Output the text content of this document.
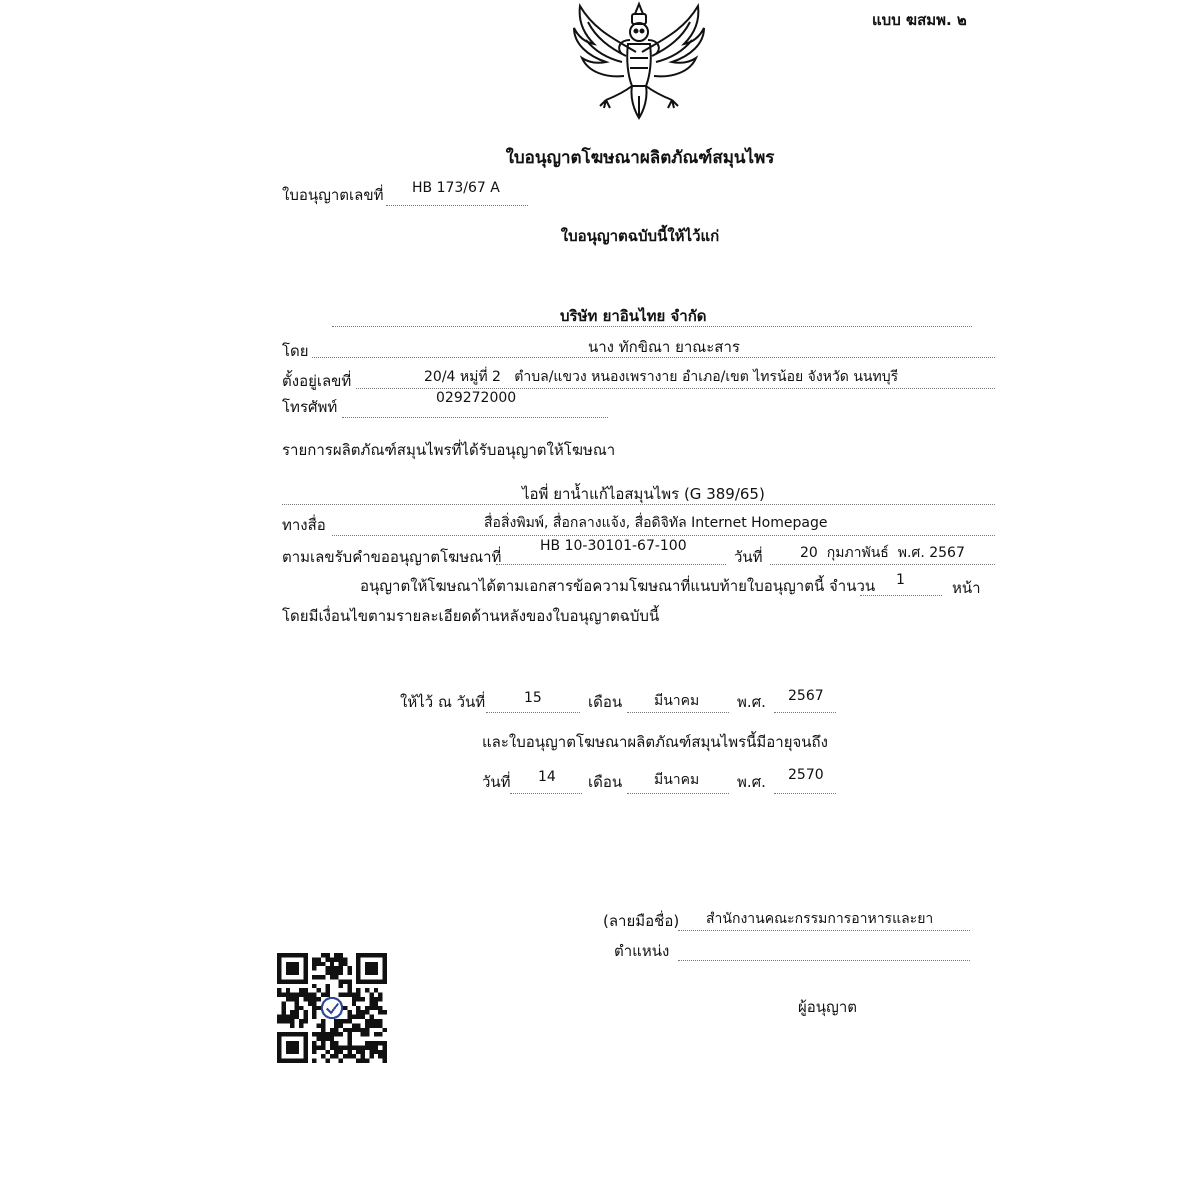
แบบ ฆสมพ. ๒
ใบอนุญาตโฆษณาผลิตภัณฑ์สมุนไพร
ใบอนุญาตเลขที่ HB 173/67 A
ใบอนุญาตฉบับนี้ให้ไว้แก่
บริษัท ยาอินไทย จำกัด
โดย	นาง ทักขิณา ยาณะสาร
ตั้งอยู่เลขที่	20/4 หมู่ที่ 2   ตำบล/แขวง หนองเพรางาย อำเภอ/เขต ไทรน้อย จังหวัด นนทบุรี
โทรศัพท์	029272000
รายการผลิตภัณฑ์สมุนไพรที่ได้รับอนุญาตให้โฆษณา
ไอพี่ ยาน้ำแก้ไอสมุนไพร (G 389/65)
ทางสื่อ	สื่อสิ่งพิมพ์, สื่อกลางแจ้ง, สื่อดิจิทัล Internet Homepage
ตามเลขรับคำขออนุญาตโฆษณาที่
HB 10-30101-67-100
วันที่	20  กุมภาพันธ์  พ.ศ. 2567
อนุญาตให้โฆษณาได้ตามเอกสารข้อความโฆษณาที่แนบท้ายใบอนุญาตนี้ จำนวน 1	หน้า
โดยมีเงื่อนไขตามรายละเอียดด้านหลังของใบอนุญาตฉบับนี้
ให้ไว้ ณ วันที่	15	เดือน มีนาคม	พ.ศ. 2567
และใบอนุญาตโฆษณาผลิตภัณฑ์สมุนไพรนี้มีอายุจนถึง
วันที่ 14 เดือน มีนาคม	พ.ศ. 2570
(ลายมือชื่อ) สำนักงานคณะกรรมการอาหารและยา
ตำแหน่ง
ผู้อนุญาต
